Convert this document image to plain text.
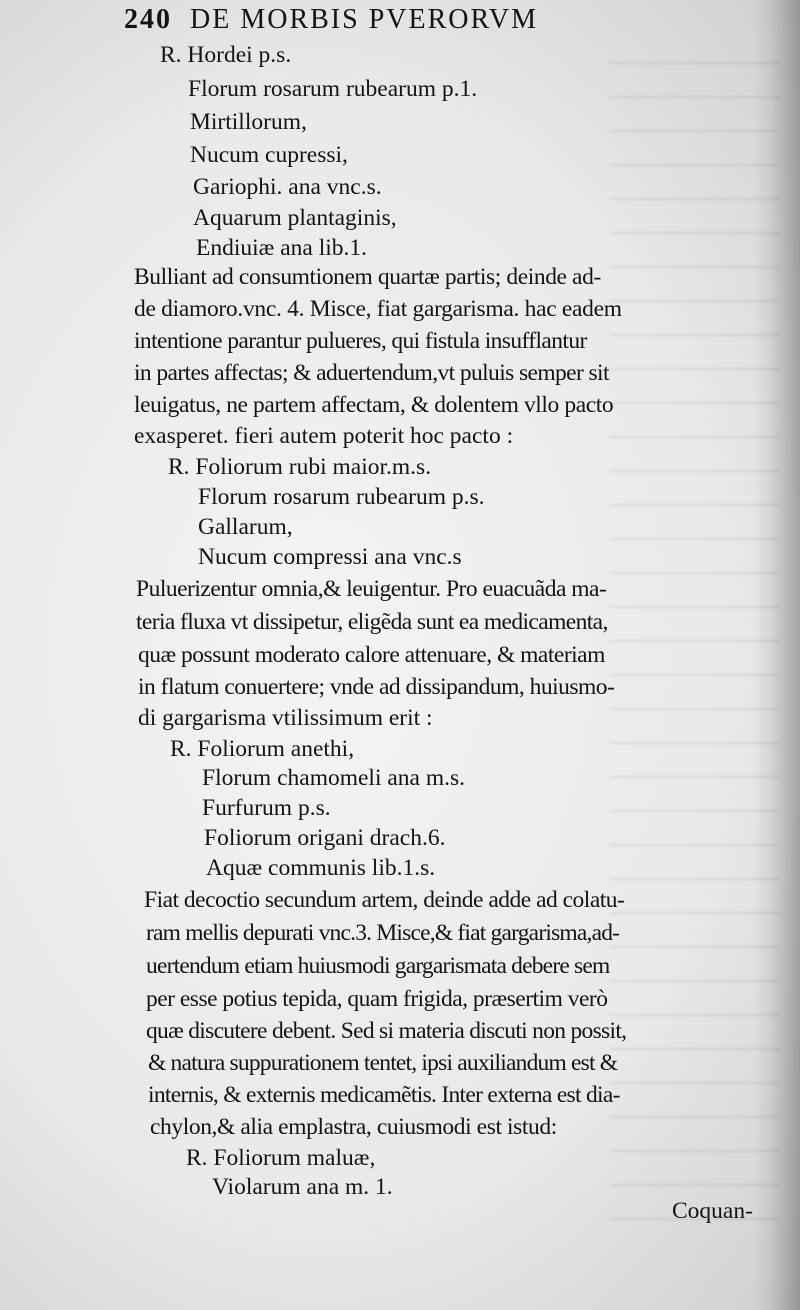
240 DE MORBIS PVERORVM
R. Hordei p.s.
Florum rosarum rubearum p.1.
Mirtillorum,
Nucum cupressi,
Gariophi. ana vnc.s.
Aquarum plantaginis,
Endiuiæ ana lib.1.
Bulliant ad consumtionem quartæ partis; deinde ad-
de diamoro.vnc. 4. Misce, fiat gargarisma. hac eadem
intentione parantur pulueres, qui fistula insufflantur
in partes affectas; & aduertendum,vt puluis semper sit
leuigatus, ne partem affectam, & dolentem vllo pacto
exasperet. fieri autem poterit hoc pacto :
R. Foliorum rubi maior.m.s.
Florum rosarum rubearum p.s.
Gallarum,
Nucum compressi ana vnc.s
Puluerizentur omnia,& leuigentur. Pro euacuãda ma-
teria fluxa vt dissipetur, eligẽda sunt ea medicamenta,
quæ possunt moderato calore attenuare, & materiam
in flatum conuertere; vnde ad dissipandum, huiusmo-
di gargarisma vtilissimum erit :
R. Foliorum anethi,
Florum chamomeli ana m.s.
Furfurum p.s.
Foliorum origani drach.6.
Aquæ communis lib.1.s.
Fiat decoctio secundum artem, deinde adde ad colatu-
ram mellis depurati vnc.3. Misce,& fiat gargarisma,ad-
uertendum etiam huiusmodi gargarismata debere sem
per esse potius tepida, quam frigida, præsertim verò
quæ discutere debent. Sed si materia discuti non possit,
& natura suppurationem tentet, ipsi auxiliandum est &
internis, & externis medicamẽtis. Inter externa est dia-
chylon,& alia emplastra, cuiusmodi est istud:
R. Foliorum maluæ,
Violarum ana m. 1.
Coquan-
